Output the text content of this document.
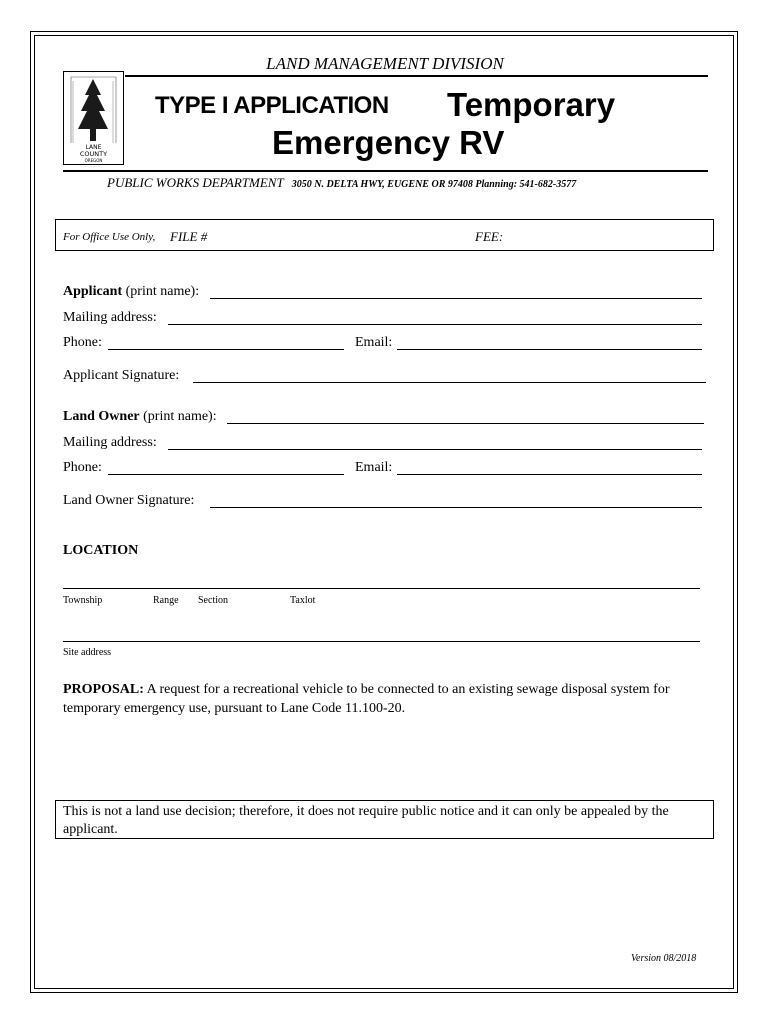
LAND MANAGEMENT DIVISION
LANE
COUNTY
OREGON
TYPE I APPLICATION Temporary
Emergency RV
PUBLIC WORKS DEPARTMENT 3050 N. DELTA HWY, EUGENE OR 97408 Planning: 541-682-3577
For Office Use Only, FILE #	FEE:
Applicant (print name):
Mailing address:
Phone:	Email:
Applicant Signature:
Land Owner (print name):
Mailing address:
Phone:	Email:
Land Owner Signature:
LOCATION
Township	Range Section	Taxlot
Site address
PROPOSAL: A request for a recreational vehicle to be connected to an existing sewage disposal system for temporary emergency use, pursuant to Lane Code 11.100-20.
This is not a land use decision; therefore, it does not require public notice and it can only be appealed by the applicant.
Version 08/2018
